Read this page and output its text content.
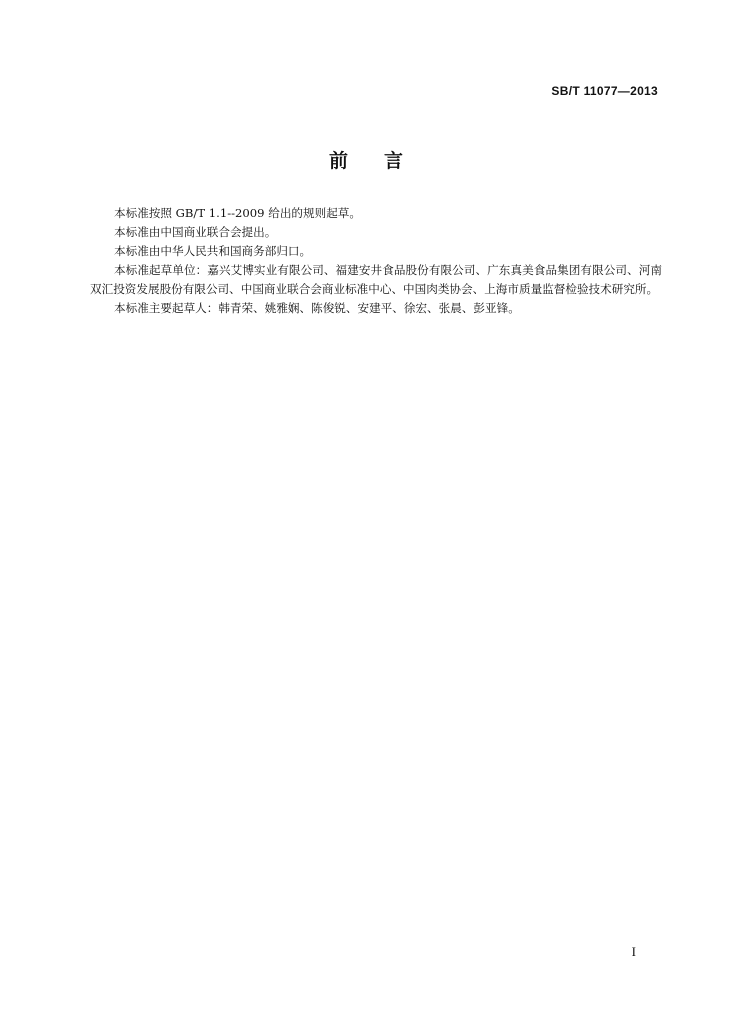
SB/T 11077—2013
前 言

本标准按照 GB/T 1.1--2009 给出的规则起草。

本标准由中国商业联合会提出。

本标准由中华人民共和国商务部归口。

本标准起草单位：嘉兴艾博实业有限公司、福建安井食品股份有限公司、广东真美食品集团有限公司、河南双汇投资发展股份有限公司、中国商业联合会商业标准中心、中国肉类协会、上海市质量监督检验技术研究所。

本标准主要起草人：韩青荣、姚雅娴、陈俊锐、安建平、徐宏、张晨、彭亚锋。

I
